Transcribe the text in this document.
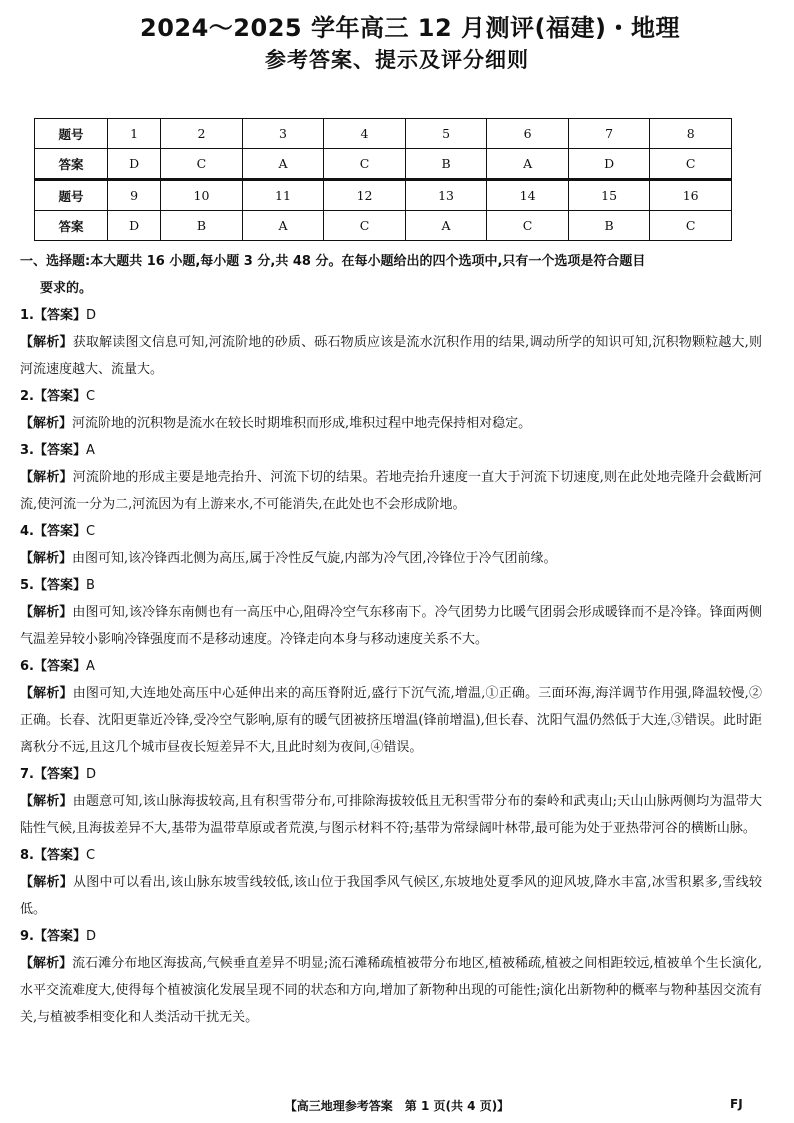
2024～2025 学年高三 12 月测评(福建)・地理
参考答案、提示及评分细则
题号	1	2	3	4	5	6	7	8
答案	D	C	A	C	B	A	D	C
题号	9	10	11	12	13	14	15	16
答案	D	B	A	C	A	C	B	C
一、选择题:本大题共 16 小题,每小题 3 分,共 48 分。在每小题给出的四个选项中,只有一个选项是符合题目
要求的。
1.【答案】D
【解析】获取解读图文信息可知,河流阶地的砂质、砾石物质应该是流水沉积作用的结果,调动所学的知识可知,沉积物颗粒越大,则河流速度越大、流量大。
2.【答案】C
【解析】河流阶地的沉积物是流水在较长时期堆积而形成,堆积过程中地壳保持相对稳定。
3.【答案】A
【解析】河流阶地的形成主要是地壳抬升、河流下切的结果。若地壳抬升速度一直大于河流下切速度,则在此处地壳隆升会截断河流,使河流一分为二,河流因为有上游来水,不可能消失,在此处也不会形成阶地。
4.【答案】C
【解析】由图可知,该冷锋西北侧为高压,属于冷性反气旋,内部为冷气团,冷锋位于冷气团前缘。
5.【答案】B
【解析】由图可知,该冷锋东南侧也有一高压中心,阻碍冷空气东移南下。冷气团势力比暖气团弱会形成暖锋而不是冷锋。锋面两侧气温差异较小影响冷锋强度而不是移动速度。冷锋走向本身与移动速度关系不大。
6.【答案】A
【解析】由图可知,大连地处高压中心延伸出来的高压脊附近,盛行下沉气流,增温,①正确。三面环海,海洋调节作用强,降温较慢,②正确。长春、沈阳更靠近冷锋,受冷空气影响,原有的暖气团被挤压增温(锋前增温),但长春、沈阳气温仍然低于大连,③错误。此时距离秋分不远,且这几个城市昼夜长短差异不大,且此时刻为夜间,④错误。
7.【答案】D
【解析】由题意可知,该山脉海拔较高,且有积雪带分布,可排除海拔较低且无积雪带分布的秦岭和武夷山;天山山脉两侧均为温带大陆性气候,且海拔差异不大,基带为温带草原或者荒漠,与图示材料不符;基带为常绿阔叶林带,最可能为处于亚热带河谷的横断山脉。
8.【答案】C
【解析】从图中可以看出,该山脉东坡雪线较低,该山位于我国季风气候区,东坡地处夏季风的迎风坡,降水丰富,冰雪积累多,雪线较低。
9.【答案】D
【解析】流石滩分布地区海拔高,气候垂直差异不明显;流石滩稀疏植被带分布地区,植被稀疏,植被之间相距较远,植被单个生长演化,水平交流难度大,使得每个植被演化发展呈现不同的状态和方向,增加了新物种出现的可能性;演化出新物种的概率与物种基因交流有关,与植被季相变化和人类活动干扰无关。
【高三地理参考答案　第 1 页(共 4 页)】	FJ
